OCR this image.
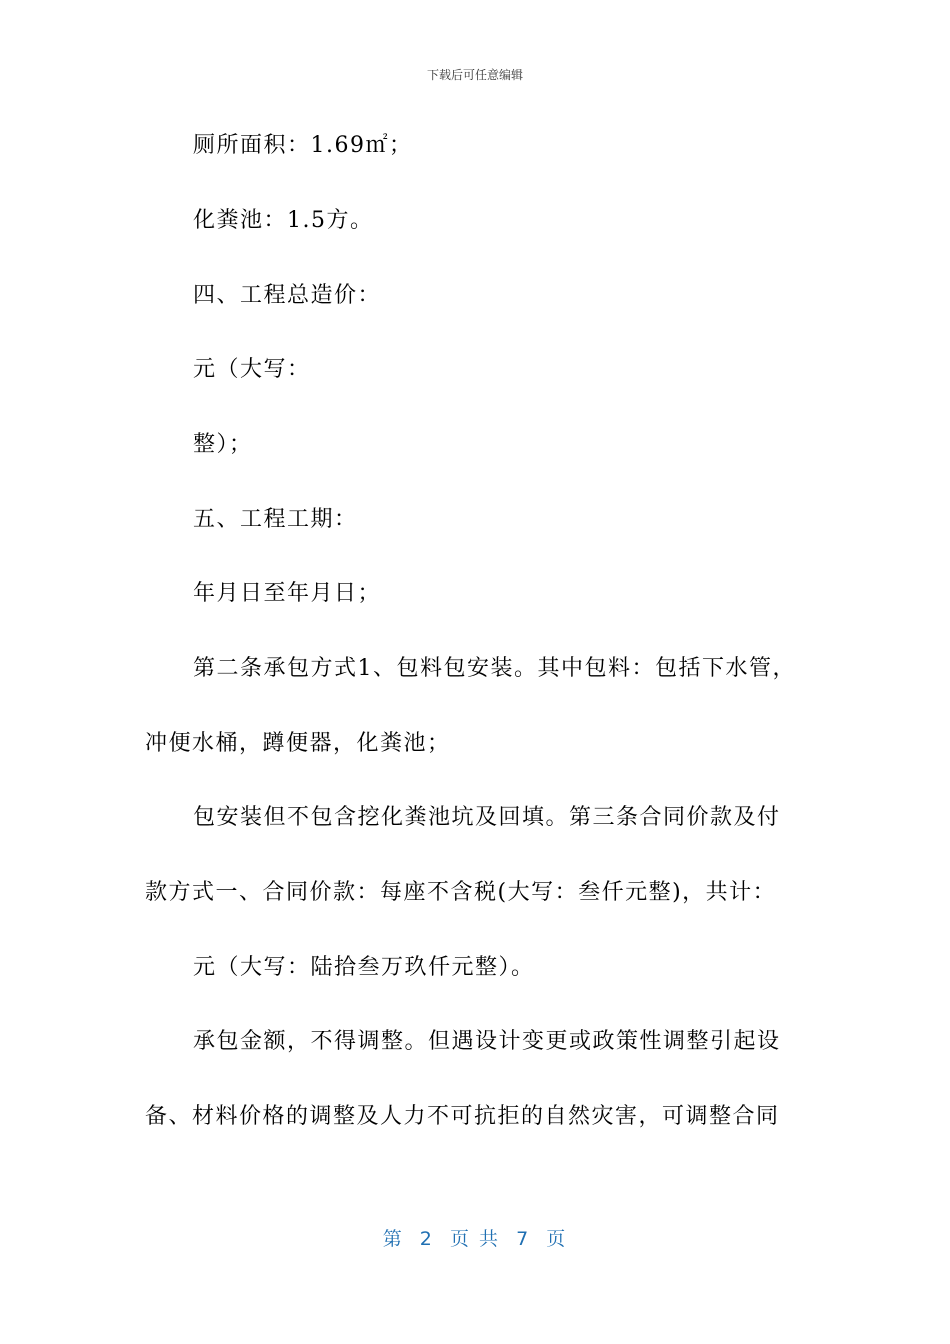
下载后可任意编辑
厕所面积：1.69㎡；
化粪池：1.5方。
四、工程总造价：
元（大写：
整）；
五、工程工期：
年月日至年月日；
第二条承包方式1、包料包安装。其中包料：包括下水管，
冲便水桶，蹲便器，化粪池；
包安装但不包含挖化粪池坑及回填。第三条合同价款及付
款方式一、合同价款：每座不含税(大写：叁仟元整)，共计：
元（大写：陆拾叁万玖仟元整）。
承包金额，不得调整。但遇设计变更或政策性调整引起设
备、材料价格的调整及人力不可抗拒的自然灾害，可调整合同
第  2  页 共  7  页
